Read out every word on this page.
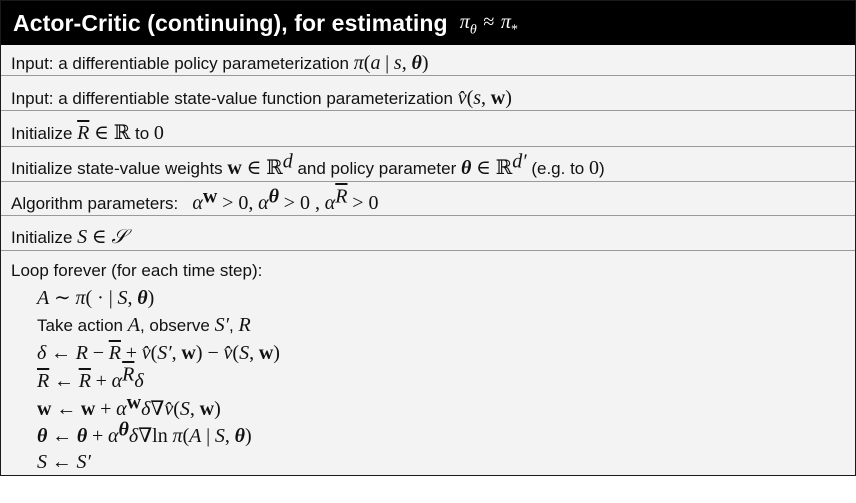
Actor-Critic (continuing), for estimating $\pi_\theta \approx \pi_*$
Input: a differentiable policy parameterization π(a | s, θ)
Input: a differentiable state-value function parameterization v̂(s, w)
Initialize $\overline{R}$ ∈ ℝ to 0
Initialize state-value weights w ∈ ℝ$^d$ and policy parameter θ ∈ ℝ$^{d'}$ (e.g. to 0)
Algorithm parameters:   $\alpha^w > 0$, $\alpha^\theta > 0$ , $\alpha^{\overline{R}} > 0$
Initialize S ∈ 𝒮
Loop forever (for each time step):
A ∼ π( · | S, θ)
Take action A, observe S′, R
δ ← $R - \overline{R}$ + v̂(S′, w) − v̂(S, w)
$\overline{R}$ ← $\overline{R} + \alpha^{\overline{R}}\delta$
w ← $w + \alpha^w\delta\nabla v̂(S$, w)
θ ← $\theta + \alpha^\theta\delta\nabla\ln$ π(A | S, θ)
S ← S′
